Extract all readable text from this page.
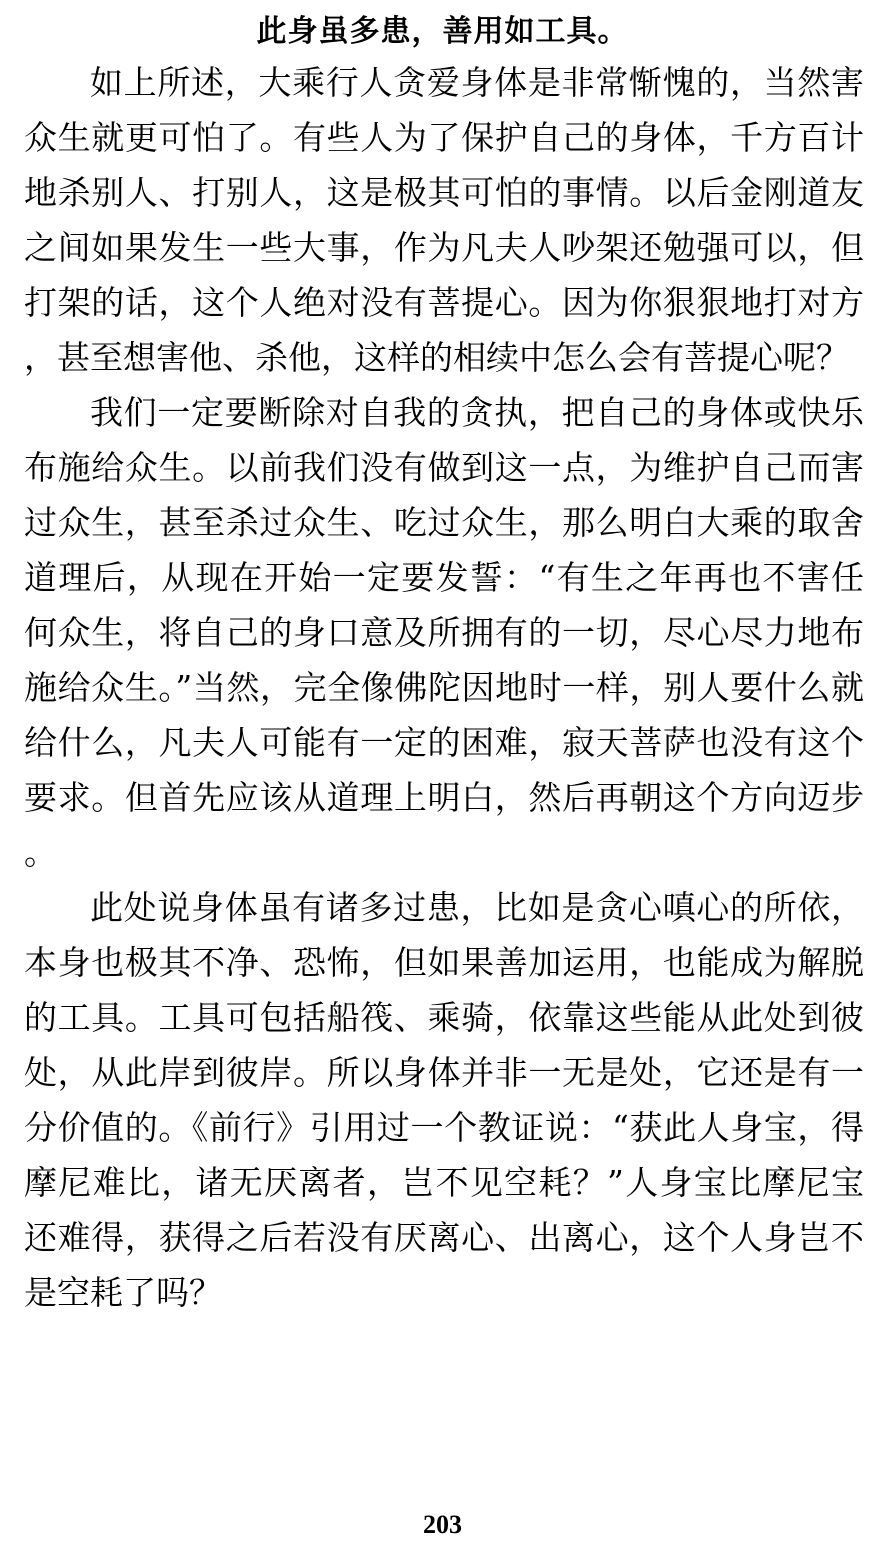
此身虽多患，善用如工具。

如上所述，大乘行人贪爱身体是非常惭愧的，当然害众生就更可怕了。有些人为了保护自己的身体，千方百计地杀别人、打别人，这是极其可怕的事情。以后金刚道友之间如果发生一些大事，作为凡夫人吵架还勉强可以，但打架的话，这个人绝对没有菩提心。因为你狠狠地打对方，甚至想害他、杀他，这样的相续中怎么会有菩提心呢？

我们一定要断除对自我的贪执，把自己的身体或快乐布施给众生。以前我们没有做到这一点，为维护自己而害过众生，甚至杀过众生、吃过众生，那么明白大乘的取舍道理后，从现在开始一定要发誓：“有生之年再也不害任何众生，将自己的身口意及所拥有的一切，尽心尽力地布施给众生。”当然，完全像佛陀因地时一样，别人要什么就给什么，凡夫人可能有一定的困难，寂天菩萨也没有这个要求。但首先应该从道理上明白，然后再朝这个方向迈步。

此处说身体虽有诸多过患，比如是贪心嗔心的所依，本身也极其不净、恐怖，但如果善加运用，也能成为解脱的工具。工具可包括船筏、乘骑，依靠这些能从此处到彼处，从此岸到彼岸。所以身体并非一无是处，它还是有一分价值的。《前行》引用过一个教证说：“获此人身宝，得摩尼难比，诸无厌离者，岂不见空耗？”人身宝比摩尼宝还难得，获得之后若没有厌离心、出离心，这个人身岂不是空耗了吗？

203
